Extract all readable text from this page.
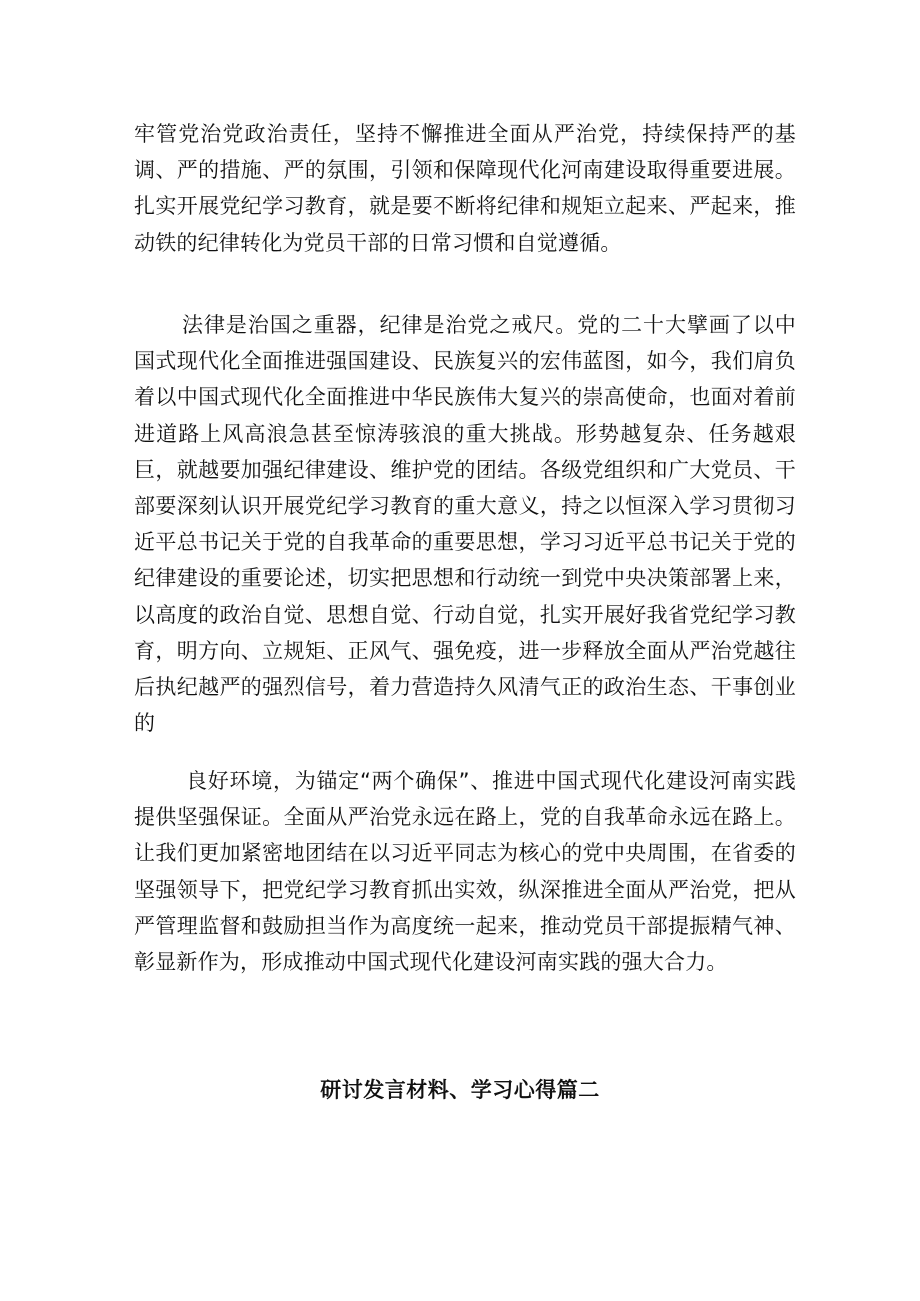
牢管党治党政治责任，坚持不懈推进全面从严治党，持续保持严的基调、严的措施、严的氛围，引领和保障现代化河南建设取得重要进展。扎实开展党纪学习教育，就是要不断将纪律和规矩立起来、严起来，推动铁的纪律转化为党员干部的日常习惯和自觉遵循。

法律是治国之重器，纪律是治党之戒尺。党的二十大擘画了以中国式现代化全面推进强国建设、民族复兴的宏伟蓝图，如今，我们肩负着以中国式现代化全面推进中华民族伟大复兴的崇高使命，也面对着前进道路上风高浪急甚至惊涛骇浪的重大挑战。形势越复杂、任务越艰巨，就越要加强纪律建设、维护党的团结。各级党组织和广大党员、干部要深刻认识开展党纪学习教育的重大意义，持之以恒深入学习贯彻习近平总书记关于党的自我革命的重要思想，学习习近平总书记关于党的纪律建设的重要论述，切实把思想和行动统一到党中央决策部署上来，以高度的政治自觉、思想自觉、行动自觉，扎实开展好我省党纪学习教育，明方向、立规矩、正风气、强免疫，进一步释放全面从严治党越往后执纪越严的强烈信号，着力营造持久风清气正的政治生态、干事创业的

良好环境，为锚定“两个确保”、推进中国式现代化建设河南实践提供坚强保证。全面从严治党永远在路上，党的自我革命永远在路上。让我们更加紧密地团结在以习近平同志为核心的党中央周围，在省委的坚强领导下，把党纪学习教育抓出实效，纵深推进全面从严治党，把从严管理监督和鼓励担当作为高度统一起来，推动党员干部提振精气神、彰显新作为，形成推动中国式现代化建设河南实践的强大合力。

研讨发言材料、学习心得篇二
